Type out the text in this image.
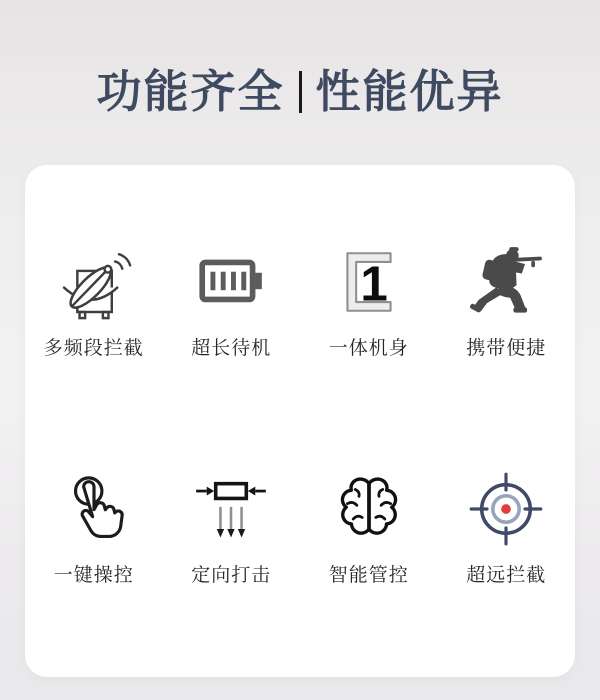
功能齐全 性能优异
多频段拦截 超长待机
1
一体机身	携带便捷
一键操控	定向打击	智能管控	超远拦截
